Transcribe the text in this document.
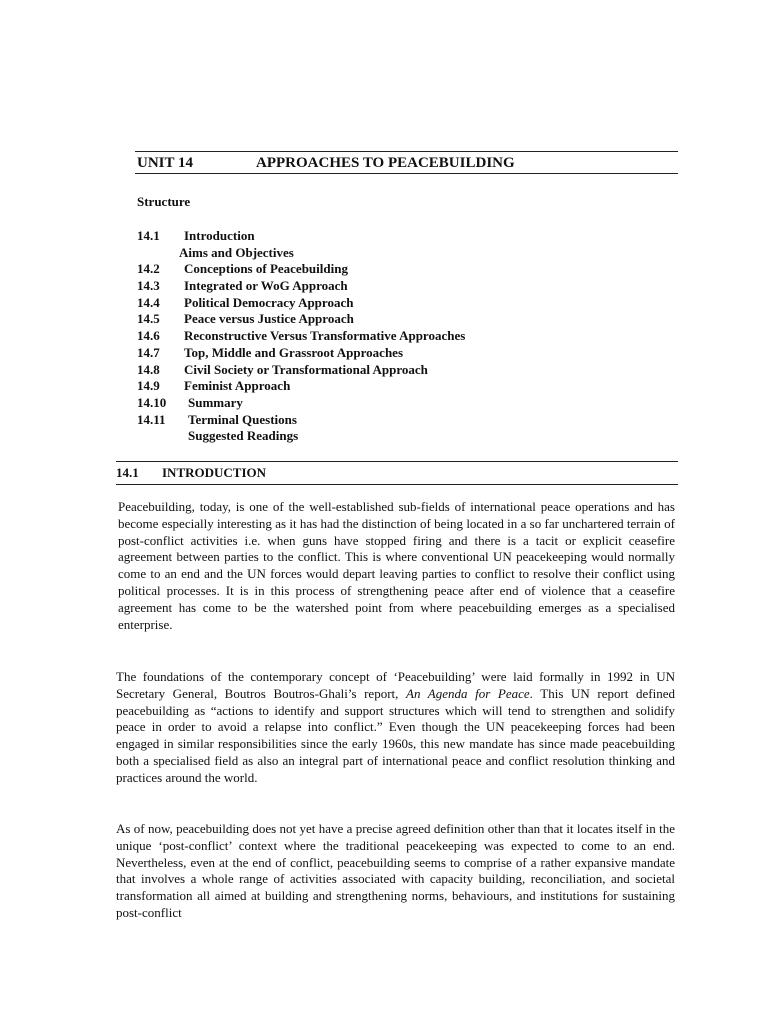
UNIT 14	APPROACHES TO PEACEBUILDING
Structure
14.1 Introduction
Aims and Objectives
14.2 Conceptions of Peacebuilding
14.3 Integrated or WoG Approach
14.4 Political Democracy Approach
14.5 Peace versus Justice Approach
14.6 Reconstructive Versus Transformative Approaches
14.7 Top, Middle and Grassroot Approaches
14.8 Civil Society or Transformational Approach
14.9 Feminist Approach
14.10 Summary
14.11 Terminal Questions
Suggested Readings
14.1 INTRODUCTION

Peacebuilding, today, is one of the well-established sub-fields of international peace operations and has become especially interesting as it has had the distinction of being located in a so far unchartered terrain of post-conflict activities i.e. when guns have stopped firing and there is a tacit or explicit ceasefire agreement between parties to the conflict. This is where conventional UN peacekeeping would normally come to an end and the UN forces would depart leaving parties to conflict to resolve their conflict using political processes. It is in this process of strengthening peace after end of violence that a ceasefire agreement has come to be the watershed point from where peacebuilding emerges as a specialised enterprise.

The foundations of the contemporary concept of ‘Peacebuilding’ were laid formally in 1992 in UN Secretary General, Boutros Boutros-Ghali’s report, An Agenda for Peace. This UN report defined peacebuilding as “actions to identify and support structures which will tend to strengthen and solidify peace in order to avoid a relapse into conflict.” Even though the UN peacekeeping forces had been engaged in similar responsibilities since the early 1960s, this new mandate has since made peacebuilding both a specialised field as also an integral part of international peace and conflict resolution thinking and practices around the world.

As of now, peacebuilding does not yet have a precise agreed definition other than that it locates itself in the unique ‘post-conflict’ context where the traditional peacekeeping was expected to come to an end. Nevertheless, even at the end of conflict, peacebuilding seems to comprise of a rather expansive mandate that involves a whole range of activities associated with capacity building, reconciliation, and societal transformation all aimed at building and strengthening norms, behaviours, and institutions for sustaining post-conflict
